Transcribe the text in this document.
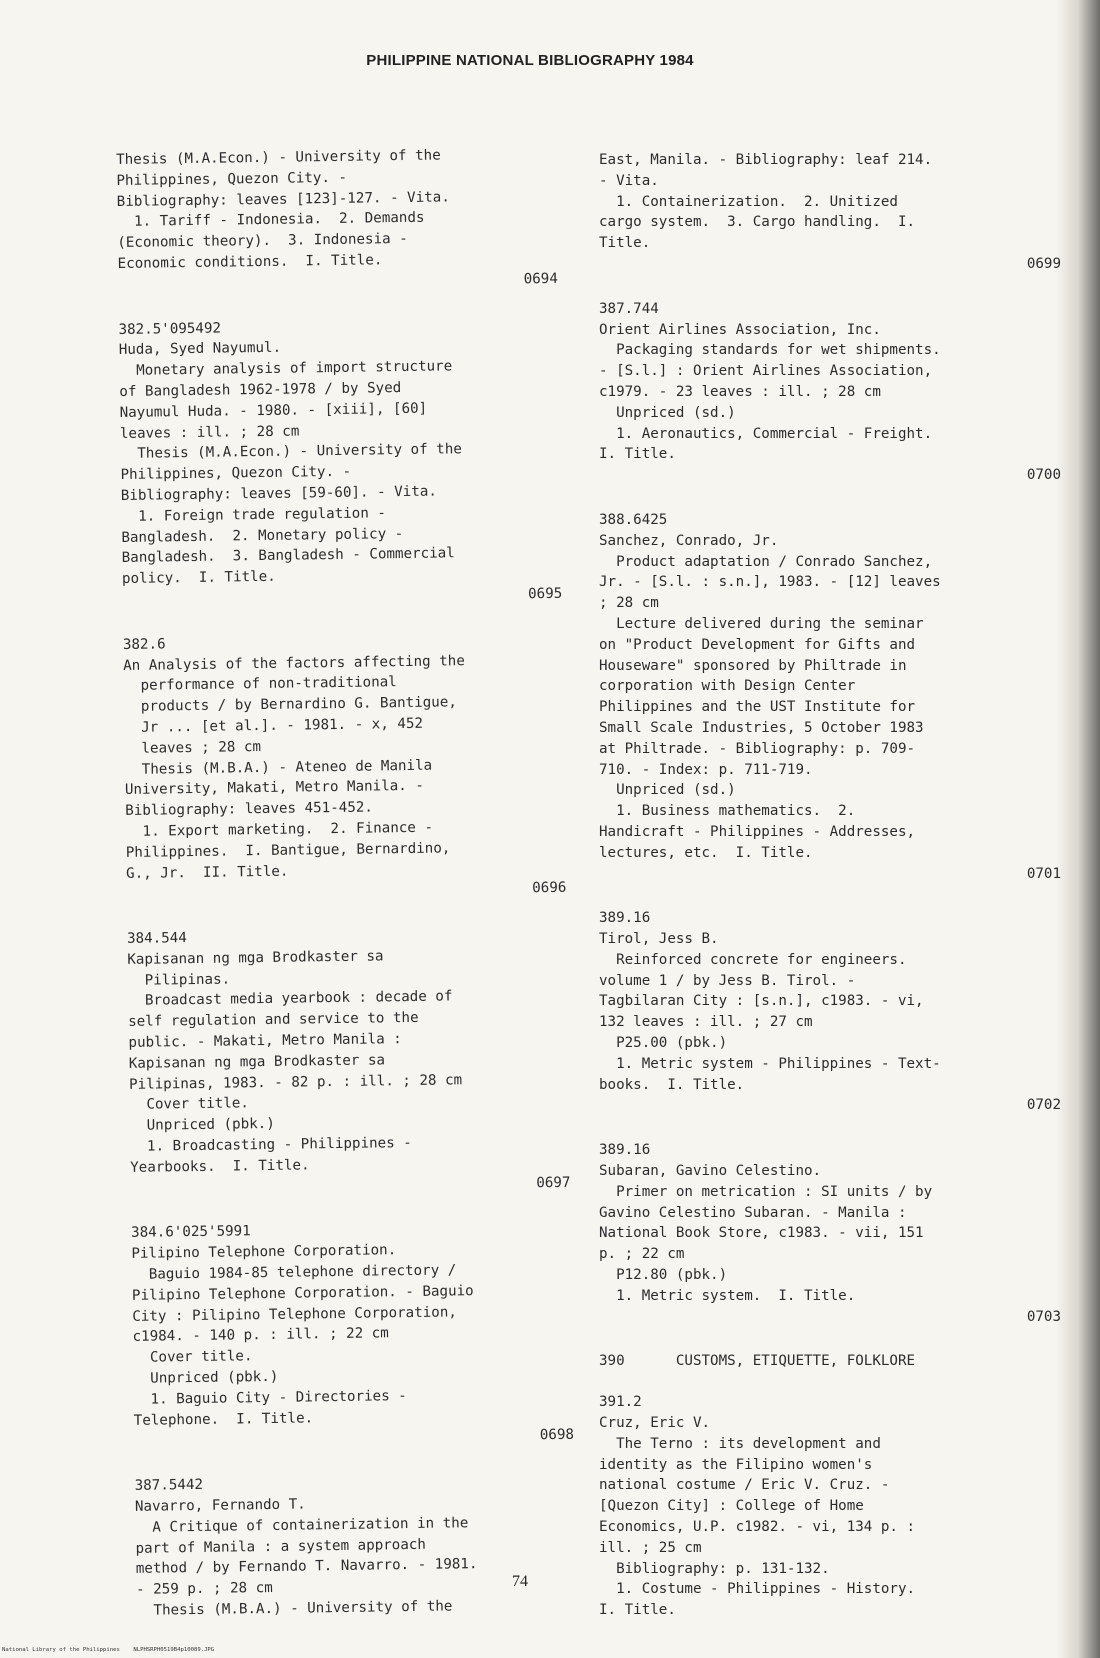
PHILIPPINE NATIONAL BIBLIOGRAPHY 1984
Thesis (M.A.Econ.) - University of the
Philippines, Quezon City. -
Bibliography: leaves [123]-127. - Vita.
1. Tariff - Indonesia.  2. Demands
(Economic theory).  3. Indonesia -
Economic conditions.  I. Title.
0694
382.5'095492
Huda, Syed Nayumul.
Monetary analysis of import structure
of Bangladesh 1962-1978 / by Syed
Nayumul Huda. - 1980. - [xiii], [60]
leaves : ill. ; 28 cm
Thesis (M.A.Econ.) - University of the
Philippines, Quezon City. -
Bibliography: leaves [59-60]. - Vita.
1. Foreign trade regulation -
Bangladesh.  2. Monetary policy -
Bangladesh.  3. Bangladesh - Commercial
policy.  I. Title.
0695
382.6
An Analysis of the factors affecting the
performance of non-traditional
products / by Bernardino G. Bantigue,
Jr ... [et al.]. - 1981. - x, 452
leaves ; 28 cm
Thesis (M.B.A.) - Ateneo de Manila
University, Makati, Metro Manila. -
Bibliography: leaves 451-452.
1. Export marketing.  2. Finance -
Philippines.  I. Bantigue, Bernardino,
G., Jr.  II. Title.
0696
384.544
Kapisanan ng mga Brodkaster sa
Pilipinas.
Broadcast media yearbook : decade of
self regulation and service to the
public. - Makati, Metro Manila :
Kapisanan ng mga Brodkaster sa
Pilipinas, 1983. - 82 p. : ill. ; 28 cm
Cover title.
Unpriced (pbk.)
1. Broadcasting - Philippines -
Yearbooks.  I. Title.
0697
384.6'025'5991
Pilipino Telephone Corporation.
Baguio 1984-85 telephone directory /
Pilipino Telephone Corporation. - Baguio
City : Pilipino Telephone Corporation,
c1984. - 140 p. : ill. ; 22 cm
Cover title.
Unpriced (pbk.)
1. Baguio City - Directories -
Telephone.  I. Title.
0698
387.5442
Navarro, Fernando T.
A Critique of containerization in the
part of Manila : a system approach
method / by Fernando T. Navarro. - 1981.
- 259 p. ; 28 cm
Thesis (M.B.A.) - University of the
East, Manila. - Bibliography: leaf 214.
- Vita.
1. Containerization.  2. Unitized
cargo system.  3. Cargo handling.  I.
Title.
0699
387.744
Orient Airlines Association, Inc.
Packaging standards for wet shipments.
- [S.l.] : Orient Airlines Association,
c1979. - 23 leaves : ill. ; 28 cm
Unpriced (sd.)
1. Aeronautics, Commercial - Freight.
I. Title.
0700
388.6425
Sanchez, Conrado, Jr.
Product adaptation / Conrado Sanchez,
Jr. - [S.l. : s.n.], 1983. - [12] leaves
; 28 cm
Lecture delivered during the seminar
on "Product Development for Gifts and
Houseware" sponsored by Philtrade in
corporation with Design Center
Philippines and the UST Institute for
Small Scale Industries, 5 October 1983
at Philtrade. - Bibliography: p. 709-
710. - Index: p. 711-719.
Unpriced (sd.)
1. Business mathematics.  2.
Handicraft - Philippines - Addresses,
lectures, etc.  I. Title.
0701
389.16
Tirol, Jess B.
Reinforced concrete for engineers.
volume 1 / by Jess B. Tirol. -
Tagbilaran City : [s.n.], c1983. - vi,
132 leaves : ill. ; 27 cm
P25.00 (pbk.)
1. Metric system - Philippines - Text-
books.  I. Title.
0702
389.16
Subaran, Gavino Celestino.
Primer on metrication : SI units / by
Gavino Celestino Subaran. - Manila :
National Book Store, c1983. - vii, 151
p. ; 22 cm
P12.80 (pbk.)
1. Metric system.  I. Title.
0703
390      CUSTOMS, ETIQUETTE, FOLKLORE
391.2
Cruz, Eric V.
The Terno : its development and
identity as the Filipino women's
national costume / Eric V. Cruz. -
[Quezon City] : College of Home
Economics, U.P. c1982. - vi, 134 p. :
ill. ; 25 cm
Bibliography: p. 131-132.
1. Costume - Philippines - History.
I. Title.
74
National Library of the Philippines    NLPHSRPH0519B4p10089.JPG
